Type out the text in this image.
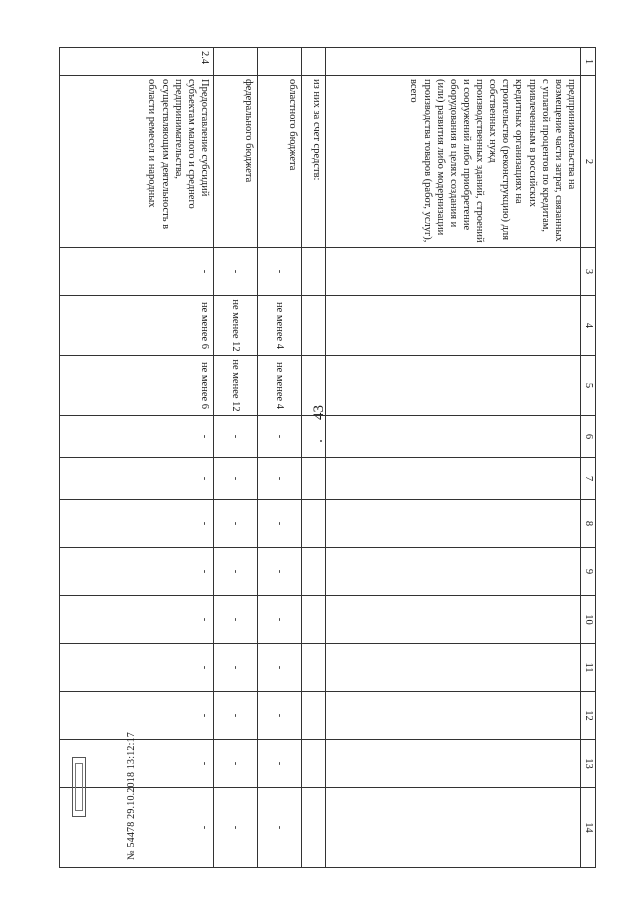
43
1	2	3	4	5	6	7	8	9	10	11	12	13	14
	предпринимательства на возмещение части затрат, связанных с уплатой процентов по кредитам, привлеченным в российских кредитных организациях на строительство (реконструкцию) для собственных нужд производственных зданий, строений и сооружений либо приобретение оборудования в целях создания и (или) развития либо модернизации производства товаров (работ, услуг), всего												
	из них за счет средств:												
	областного бюджета	-	не менее 4	не менее 4	-	-	-	-	-	-	-	-	-
	федерального бюджета	-	не менее 12	не менее 12	-	-	-	-	-	-	-	-	-
2.4	Предоставление субсидий субъектам малого и среднего предпринимательства, осуществляющим деятельность в области ремесел и народных	-	не менее 6	не менее 6	-	-	-	-	-	-	-	-	-
№ 54478 29.10.2018 13:12:17
